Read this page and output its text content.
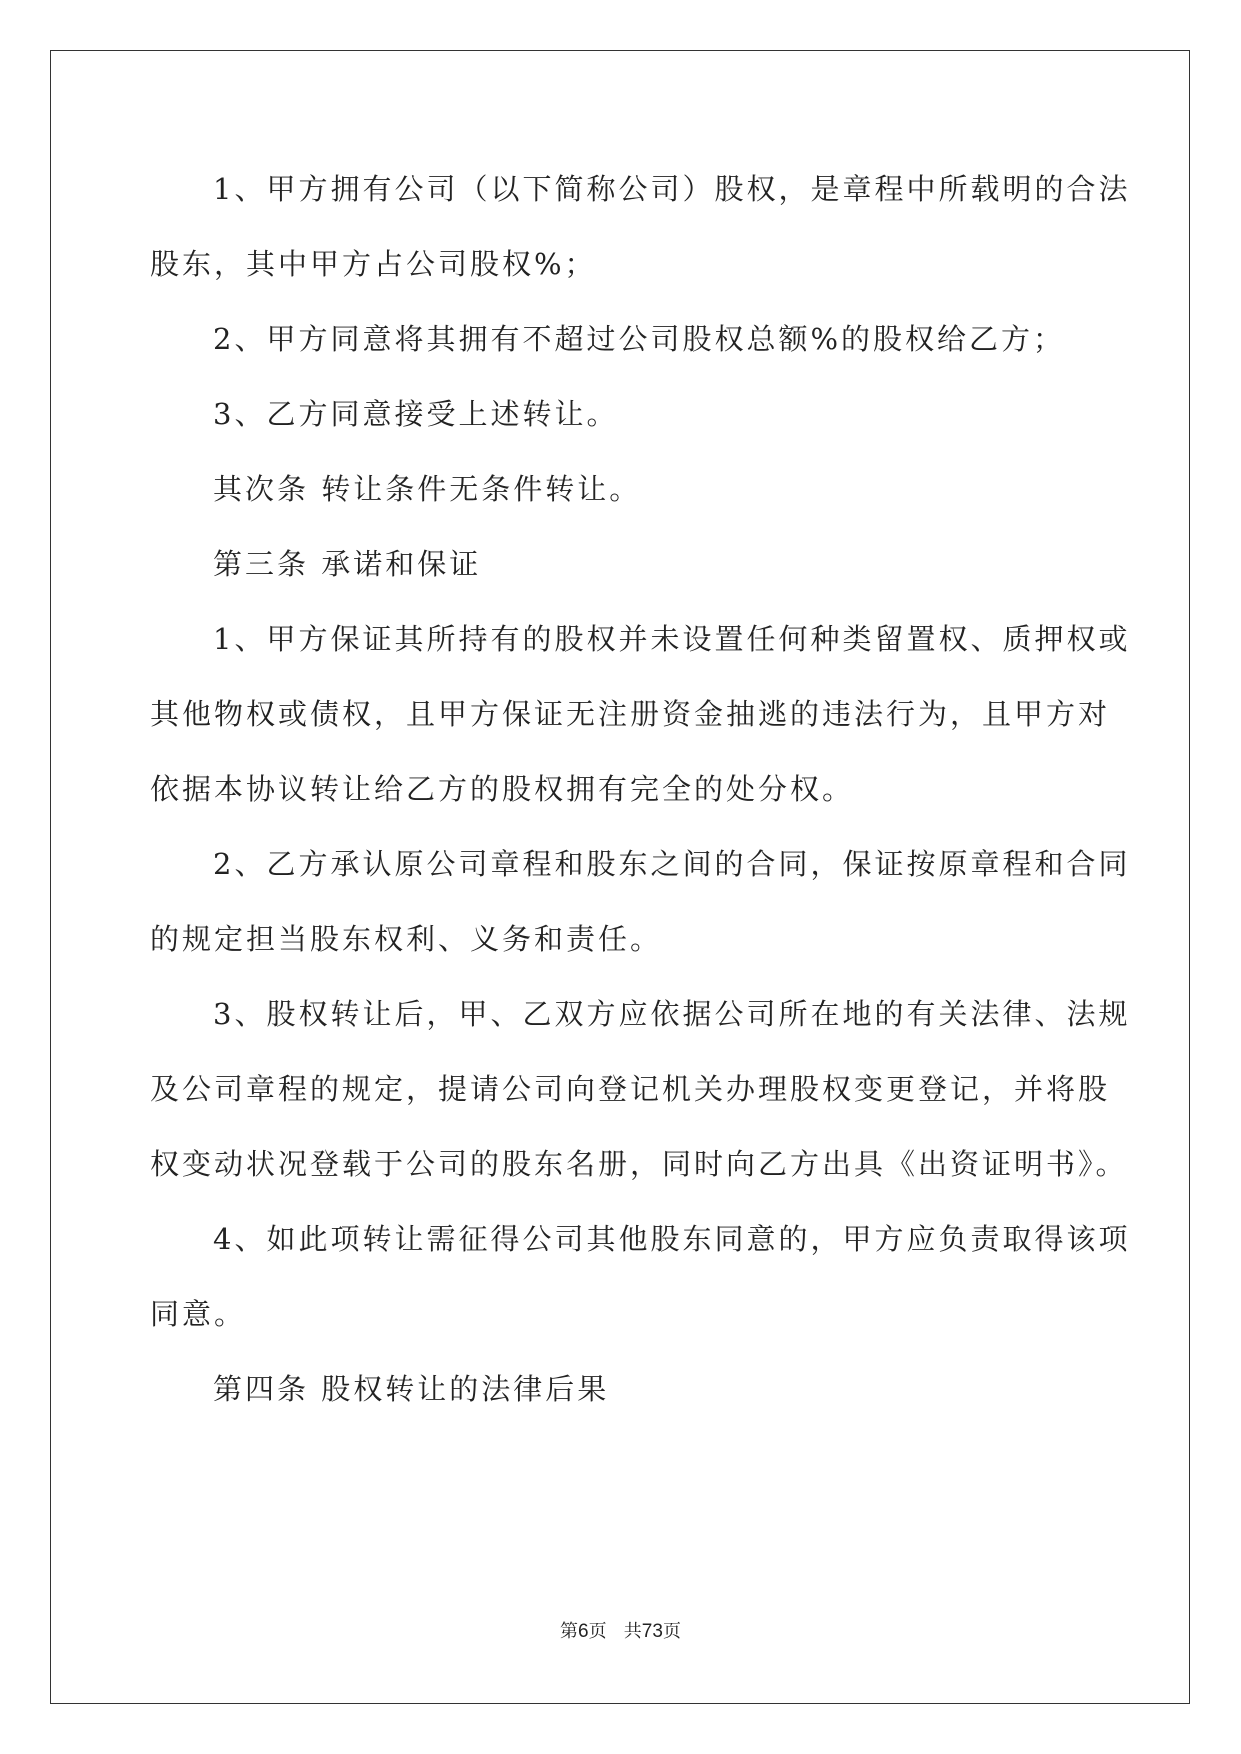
1、甲方拥有公司（以下简称公司）股权，是章程中所载明的合法
股东，其中甲方占公司股权%；
2、甲方同意将其拥有不超过公司股权总额%的股权给乙方；
3、乙方同意接受上述转让。
其次条 转让条件无条件转让。
第三条 承诺和保证
1、甲方保证其所持有的股权并未设置任何种类留置权、质押权或
其他物权或债权，且甲方保证无注册资金抽逃的违法行为，且甲方对
依据本协议转让给乙方的股权拥有完全的处分权。
2、乙方承认原公司章程和股东之间的合同，保证按原章程和合同
的规定担当股东权利、义务和责任。
3、股权转让后，甲、乙双方应依据公司所在地的有关法律、法规
及公司章程的规定，提请公司向登记机关办理股权变更登记，并将股
权变动状况登载于公司的股东名册，同时向乙方出具《出资证明书》。
4、如此项转让需征得公司其他股东同意的，甲方应负责取得该项
同意。
第四条 股权转让的法律后果
第6页 共73页
